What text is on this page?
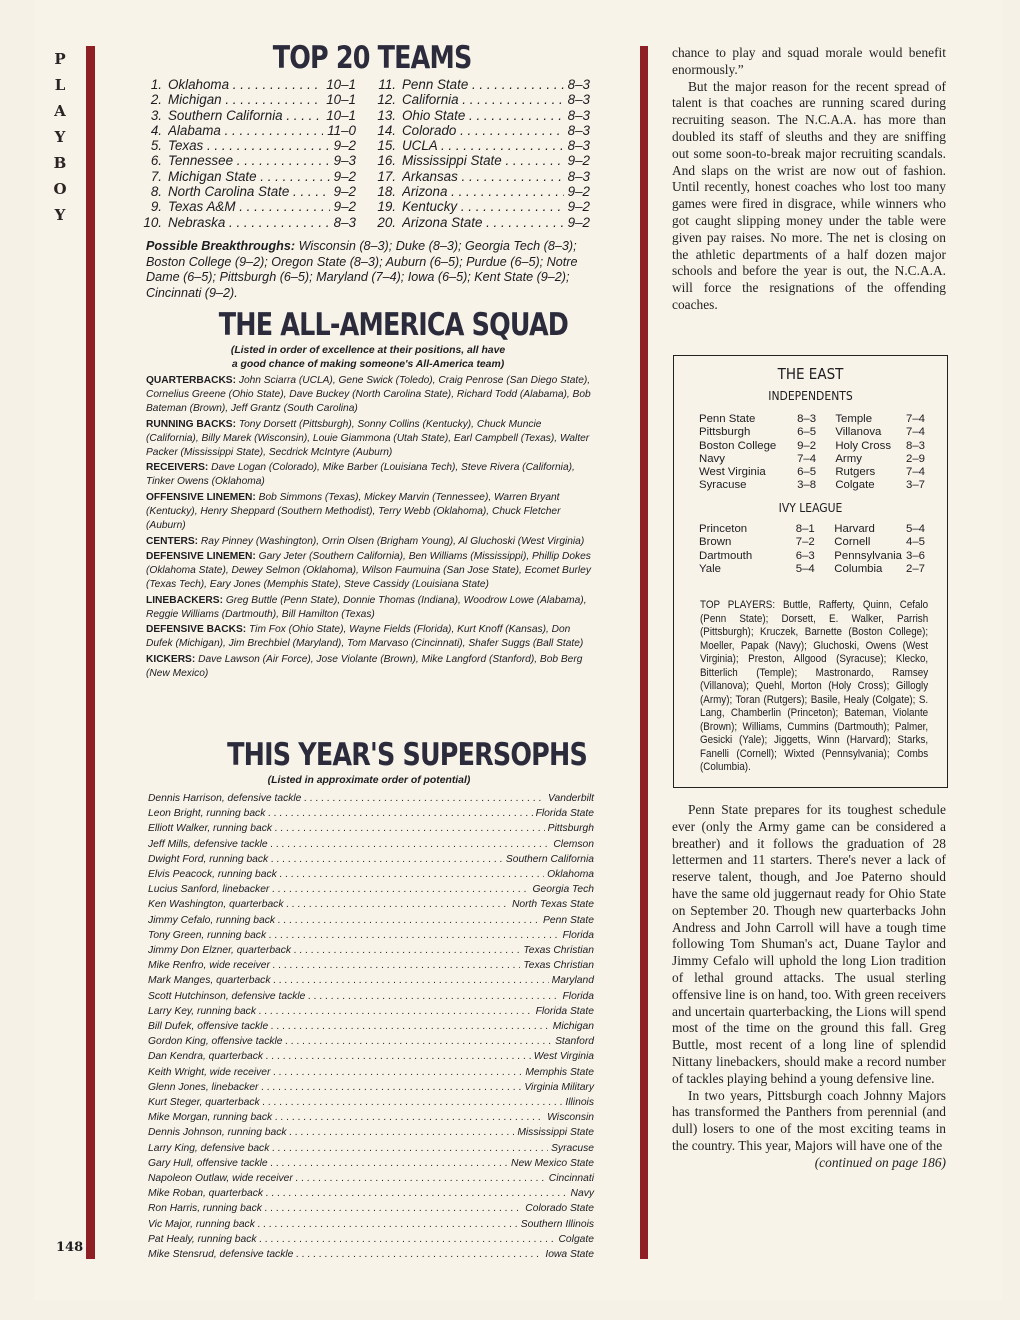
P
L
A
Y
B
O
Y
148
TOP 20 TEAMS
1. Oklahoma . . .	10–1
2. Michigan . . .	10–1
3. Southern California . . .	10–1
4. Alabama . . .	11–0
5. Texas . . .	9–2
6. Tennessee . . .	9–3
7. Michigan State . . .	9–2
8. North Carolina State . . .	9–2
9. Texas A&M . . .	9–2
10. Nebraska . . .	8–3
11. Penn State . . .	8–3
12. California . . .	8–3
13. Ohio State . . .	8–3
14. Colorado . . .	8–3
15. UCLA . . .	8–3
16. Mississippi State . . .	9–2
17. Arkansas . . .	8–3
18. Arizona . . .	9–2
19. Kentucky . . .	9–2
20. Arizona State . . .	9–2
Possible Breakthroughs: Wisconsin (8–3); Duke (8–3); Georgia Tech (8–3); Boston College (9–2); Oregon State (8–3); Auburn (6–5); Purdue (6–5); Notre Dame (6–5); Pittsburgh (6–5); Maryland (7–4); Iowa (6–5); Kent State (9–2); Cincinnati (9–2).
THE ALL-AMERICA SQUAD
(Listed in order of excellence at their positions, all have
a good chance of making someone's All-America team)

QUARTERBACKS: John Sciarra (UCLA), Gene Swick (Toledo), Craig Penrose (San Diego State), Cornelius Greene (Ohio State), Dave Buckey (North Carolina State), Richard Todd (Alabama), Bob Bateman (Brown), Jeff Grantz (South Carolina)

RUNNING BACKS: Tony Dorsett (Pittsburgh), Sonny Collins (Kentucky), Chuck Muncie (California), Billy Marek (Wisconsin), Louie Giammona (Utah State), Earl Campbell (Texas), Walter Packer (Mississippi State), Secdrick McIntyre (Auburn)

RECEIVERS: Dave Logan (Colorado), Mike Barber (Louisiana Tech), Steve Rivera (California), Tinker Owens (Oklahoma)

OFFENSIVE LINEMEN: Bob Simmons (Texas), Mickey Marvin (Tennessee), Warren Bryant (Kentucky), Henry Sheppard (Southern Methodist), Terry Webb (Oklahoma), Chuck Fletcher (Auburn)

CENTERS: Ray Pinney (Washington), Orrin Olsen (Brigham Young), Al Gluchoski (West Virginia)

DEFENSIVE LINEMEN: Gary Jeter (Southern California), Ben Williams (Mississippi), Phillip Dokes (Oklahoma State), Dewey Selmon (Oklahoma), Wilson Faumuina (San Jose State), Ecomet Burley (Texas Tech), Eary Jones (Memphis State), Steve Cassidy (Louisiana State)

LINEBACKERS: Greg Buttle (Penn State), Donnie Thomas (Indiana), Woodrow Lowe (Alabama), Reggie Williams (Dartmouth), Bill Hamilton (Texas)

DEFENSIVE BACKS: Tim Fox (Ohio State), Wayne Fields (Florida), Kurt Knoff (Kansas), Don Dufek (Michigan), Jim Brechbiel (Maryland), Tom Marvaso (Cincinnati), Shafer Suggs (Ball State)

KICKERS: Dave Lawson (Air Force), Jose Violante (Brown), Mike Langford (Stanford), Bob Berg (New Mexico)

THIS YEAR'S SUPERSOPHS
(Listed in approximate order of potential)
Dennis Harrison, defensive tackle . . .	Vanderbilt
Leon Bright, running back . . .	Florida State
Elliott Walker, running back . . .	Pittsburgh
Jeff Mills, defensive tackle . . .	Clemson
Dwight Ford, running back . . .	Southern California
Elvis Peacock, running back . . .	Oklahoma
Lucius Sanford, linebacker . . .	Georgia Tech
Ken Washington, quarterback . . .	North Texas State
Jimmy Cefalo, running back . . .	Penn State
Tony Green, running back . . .	Florida
Jimmy Don Elzner, quarterback . . .	Texas Christian
Mike Renfro, wide receiver . . .	Texas Christian
Mark Manges, quarterback . . .	Maryland
Scott Hutchinson, defensive tackle . . .	Florida
Larry Key, running back . . .	Florida State
Bill Dufek, offensive tackle . . .	Michigan
Gordon King, offensive tackle . . .	Stanford
Dan Kendra, quarterback . . .	West Virginia
Keith Wright, wide receiver . . .	Memphis State
Glenn Jones, linebacker . . .	Virginia Military
Kurt Steger, quarterback . . .	Illinois
Mike Morgan, running back . . .	Wisconsin
Dennis Johnson, running back . . .	Mississippi State
Larry King, defensive back . . .	Syracuse
Gary Hull, offensive tackle . . .	New Mexico State
Napoleon Outlaw, wide receiver . . .	Cincinnati
Mike Roban, quarterback . . .	Navy
Ron Harris, running back . . .	Colorado State
Vic Major, running back . . .	Southern Illinois
Pat Healy, running back . . .	Colgate
Mike Stensrud, defensive tackle . . .	Iowa State

chance to play and squad morale would benefit enormously.”

But the major reason for the recent spread of talent is that coaches are running scared during recruiting season. The N.C.A.A. has more than doubled its staff of sleuths and they are sniffing out some soon-to-break major recruiting scandals. And slaps on the wrist are now out of fashion. Until recently, honest coaches who lost too many games were fired in disgrace, while winners who got caught slipping money under the table were given pay raises. No more. The net is closing on the athletic departments of a half dozen major schools and before the year is out, the N.C.A.A. will force the resignations of the offending coaches.

THE EAST
INDEPENDENTS
Penn State	8–3	Temple	7–4
Pittsburgh	6–5	Villanova	7–4
Boston College	9–2	Holy Cross	8–3
Navy	7–4	Army	2–9
West Virginia	6–5	Rutgers	7–4
Syracuse	3–8	Colgate	3–7
IVY LEAGUE
Princeton	8–1	Harvard	5–4
Brown	7–2	Cornell	4–5
Dartmouth	6–3	Pennsylvania	3–6
Yale	5–4	Columbia	2–7
TOP PLAYERS: Buttle, Rafferty, Quinn, Cefalo (Penn State); Dorsett, E. Walker, Parrish (Pittsburgh); Kruczek, Barnette (Boston College); Moeller, Papak (Navy); Gluchoski, Owens (West Virginia); Preston, Allgood (Syracuse); Klecko, Bitterlich (Temple); Mastronardo, Ramsey (Villanova); Quehl, Morton (Holy Cross); Gillogly (Army); Toran (Rutgers); Basile, Healy (Colgate); S. Lang, Chamberlin (Princeton); Bateman, Violante (Brown); Williams, Cummins (Dartmouth); Palmer, Gesicki (Yale); Jiggetts, Winn (Harvard); Starks, Fanelli (Cornell); Wixted (Pennsylvania); Combs (Columbia).

Penn State prepares for its toughest schedule ever (only the Army game can be considered a breather) and it follows the graduation of 28 lettermen and 11 starters. There's never a lack of reserve talent, though, and Joe Paterno should have the same old juggernaut ready for Ohio State on September 20. Though new quarterbacks John Andress and John Carroll will have a tough time following Tom Shuman's act, Duane Taylor and Jimmy Cefalo will uphold the long Lion tradition of lethal ground attacks. The usual sterling offensive line is on hand, too. With green receivers and uncertain quarterbacking, the Lions will spend most of the time on the ground this fall. Greg Buttle, most recent of a long line of splendid Nittany linebackers, should make a record number of tackles playing behind a young defensive line.

In two years, Pittsburgh coach Johnny Majors has transformed the Panthers from perennial (and dull) losers to one of the most exciting teams in the country. This year, Majors will have one of the

(continued on page 186)
